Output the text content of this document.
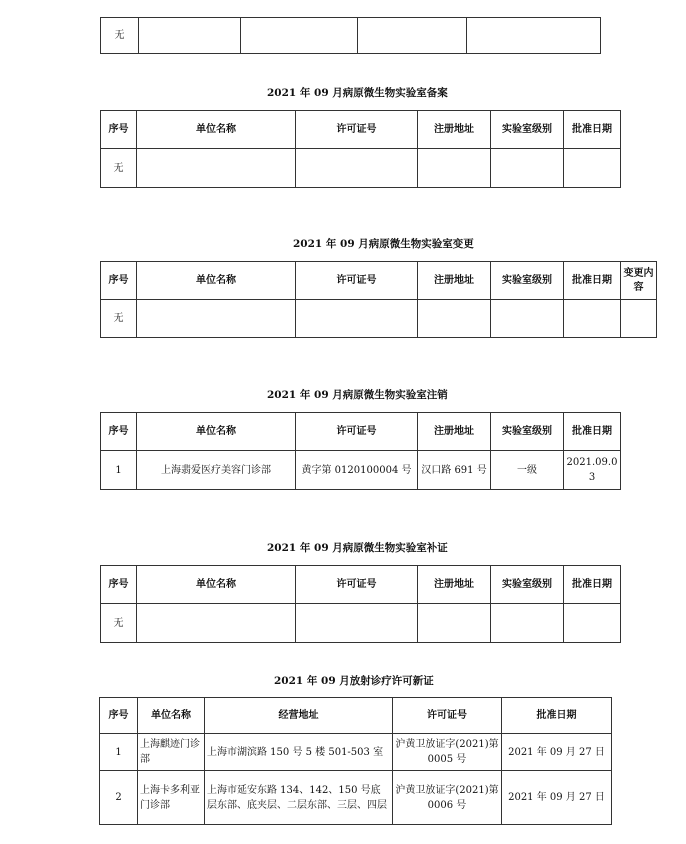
无				
2021 年 09 月病原微生物实验室备案
序号	单位名称	许可证号	注册地址	实验室级别	批准日期
无					
2021 年 09 月病原微生物实验室变更
序号	单位名称	许可证号	注册地址	实验室级别	批准日期	变更内容
无						
2021 年 09 月病原微生物实验室注销
序号	单位名称	许可证号	注册地址	实验室级别	批准日期
1	上海翡爱医疗美容门诊部	黄字第 0120100004 号	汉口路 691 号	一级	2021.09.03
2021 年 09 月病原微生物实验室补证
序号	单位名称	许可证号	注册地址	实验室级别	批准日期
无					
2021 年 09 月放射诊疗许可新证
序号	单位名称	经营地址	许可证号	批准日期
1	上海麒迹门诊部	上海市湖滨路 150 号 5 楼 501-503 室	沪黄卫放证字(2021)第 0005 号	2021 年 09 月 27 日
2	上海卡多利亚门诊部	上海市延安东路 134、142、150 号底层东部、底夹层、二层东部、三层、四层	沪黄卫放证字(2021)第 0006 号	2021 年 09 月 27 日
